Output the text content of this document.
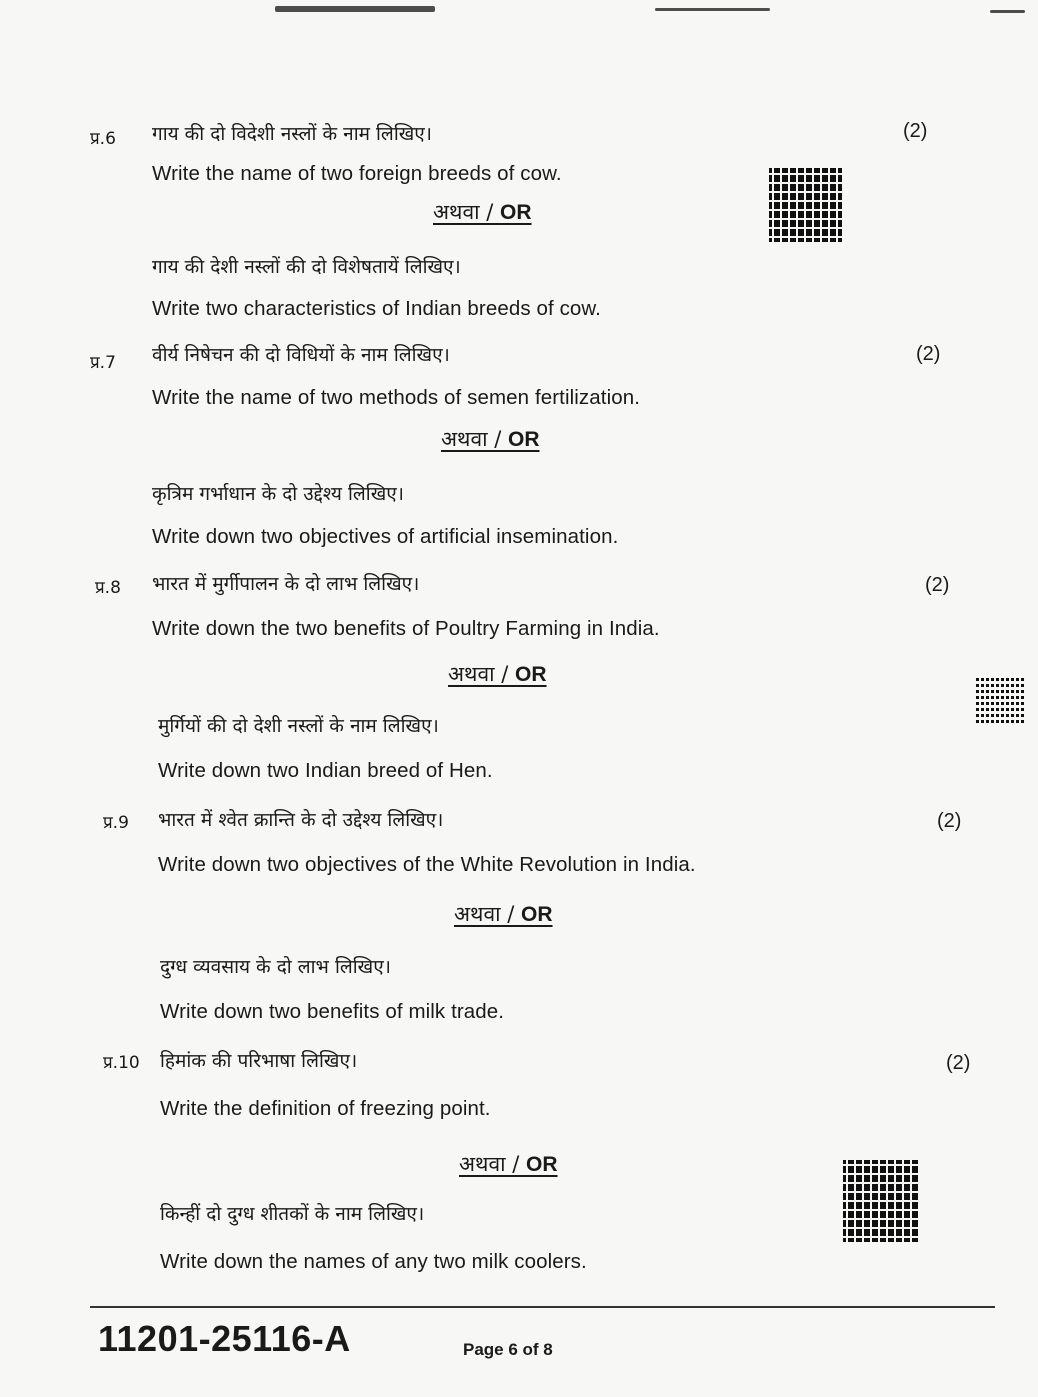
प्र.6 गाय की दो विदेशी नस्लों के नाम लिखिए।	(2)
Write the name of two foreign breeds of cow.
अथवा / OR
गाय की देशी नस्लों की दो विशेषतायें लिखिए।
Write two characteristics of Indian breeds of cow.
प्र.7 वीर्य निषेचन की दो विधियों के नाम लिखिए।	(2)
Write the name of two methods of semen fertilization.
अथवा / OR
कृत्रिम गर्भाधान के दो उद्देश्य लिखिए।
Write down two objectives of artificial insemination.
प्र.8 भारत में मुर्गीपालन के दो लाभ लिखिए।	(2)
Write down the two benefits of Poultry Farming in India.
अथवा / OR
मुर्गियों की दो देशी नस्लों के नाम लिखिए।
Write down two Indian breed of Hen.
प्र.9 भारत में श्वेत क्रान्ति के दो उद्देश्य लिखिए।	(2)
Write down two objectives of the White Revolution in India.
अथवा / OR
दुग्ध व्यवसाय के दो लाभ लिखिए।
Write down two benefits of milk trade.
प्र.10 हिमांक की परिभाषा लिखिए।	(2)
Write the definition of freezing point.
अथवा / OR
किन्हीं दो दुग्ध शीतकों के नाम लिखिए।
Write down the names of any two milk coolers.
11201-25116-A	Page 6 of 8
